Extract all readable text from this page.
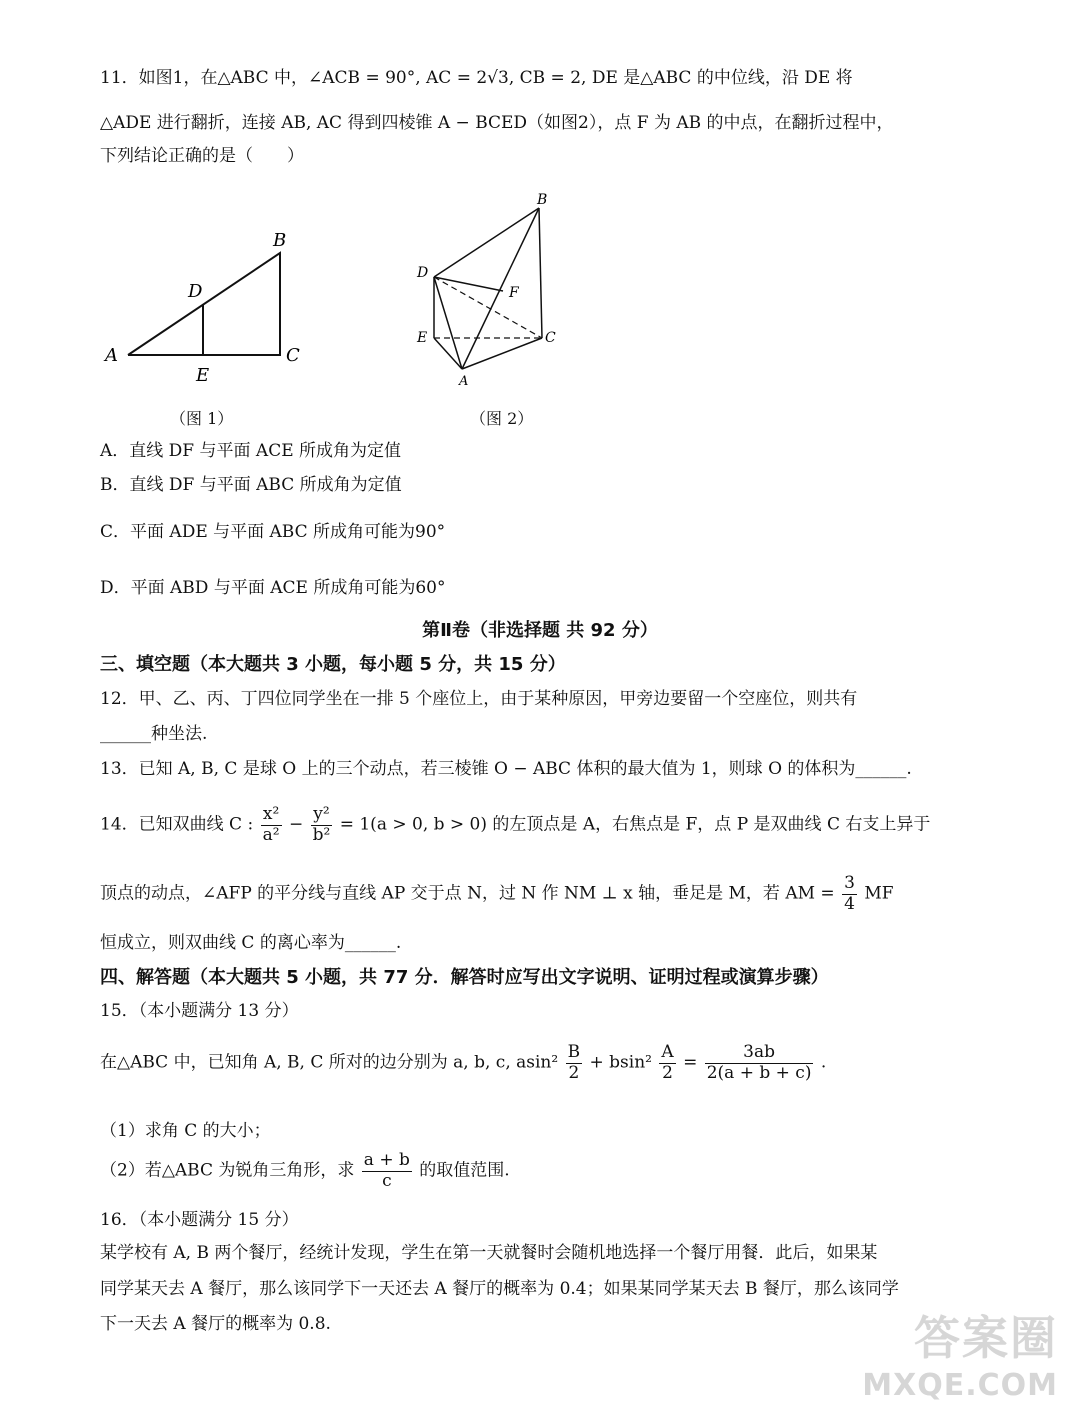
11．如图1，在△ABC 中，∠ACB = 90°, AC = 2√3, CB = 2, DE 是△ABC 的中位线，沿 DE 将
△ADE 进行翻折，连接 AB, AC 得到四棱锥 A − BCED（如图2），点 F 为 AB 的中点，在翻折过程中，
下列结论正确的是（　　）
B
D
A	C
E
（图 1）
B
D
F
E	C
A
（图 2）
A．直线 DF 与平面 ACE 所成角为定值
B．直线 DF 与平面 ABC 所成角为定值
C．平面 ADE 与平面 ABC 所成角可能为90°
D．平面 ABD 与平面 ACE 所成角可能为60°
第Ⅱ卷（非选择题 共 92 分）
三、填空题（本大题共 3 小题，每小题 5 分，共 15 分）
12．甲、乙、丙、丁四位同学坐在一排 5 个座位上，由于某种原因，甲旁边要留一个空座位，则共有
______种坐法.
13．已知 A, B, C 是球 O 上的三个动点，若三棱锥 O − ABC 体积的最大值为 1，则球 O 的体积为______.
14．已知双曲线 C : $\frac{\text{x²}}{\text{a²}} - \frac{\text{y²}}{\text{b²}} = 1(a > 0$, b > 0) 的左顶点是 A，右焦点是 F，点 P 是双曲线 C 右支上异于
顶点的动点，∠AFP 的平分线与直线 AP 交于点 N，过 N 作 NM ⊥ x 轴，垂足是 M，若 AM = $\frac{3}{4}$ MF
恒成立，则双曲线 C 的离心率为______.
四、解答题（本大题共 5 小题，共 77 分．解答时应写出文字说明、证明过程或演算步骤）
15．（本小题满分 13 分）
在△ABC 中，已知角 A, B, C 所对的边分别为 a, b, c, $asin^2 \frac{B}{2} + bsin^2 \frac{A}{2} = \frac{3ab}{2(a + b + c)}$ .
（1）求角 C 的大小；
（2）若△ABC 为锐角三角形，求 $\frac{a + b}{c}$ 的取值范围.
16．（本小题满分 15 分）
某学校有 A, B 两个餐厅，经统计发现，学生在第一天就餐时会随机地选择一个餐厅用餐．此后，如果某
同学某天去 A 餐厅，那么该同学下一天还去 A 餐厅的概率为 0.4；如果某同学某天去 B 餐厅，那么该同学
下一天去 A 餐厅的概率为 0.8.	答案圈
MXQE.COM
